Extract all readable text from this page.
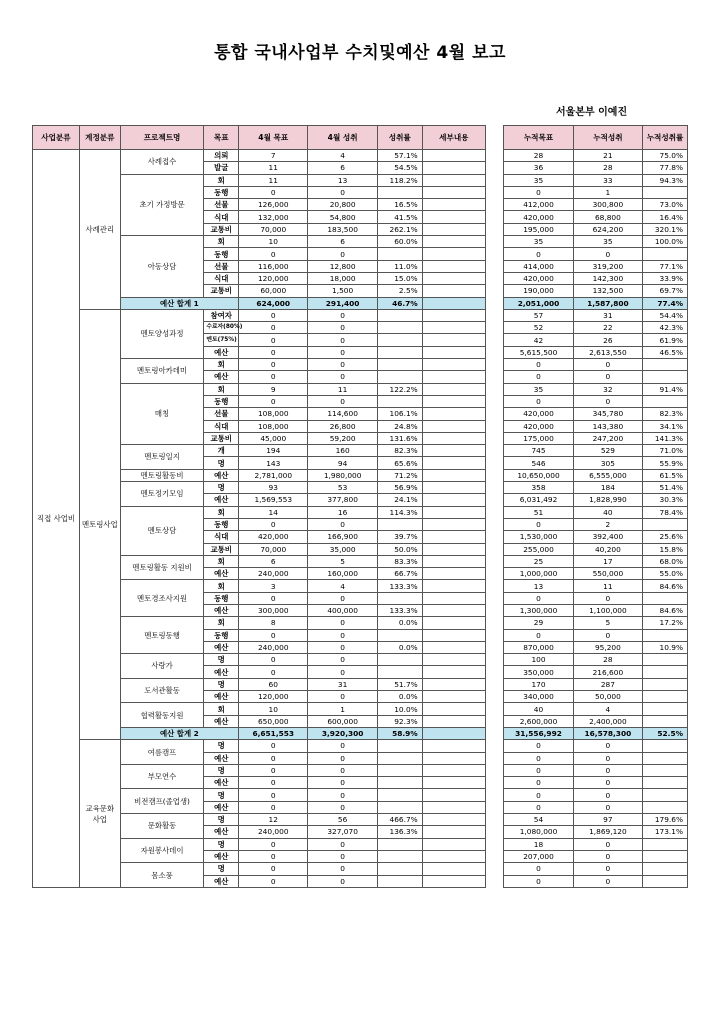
통합 국내사업부 수치및예산 4월 보고
서울본부 이예진
사업분류	계정분류	프로젝트명	목표	4월 목표	4월 성취	성취률	세부내용		누적목표	누적성취	누적성취률
직접 사업비	사례관리	사례접수	의뢰	7	4	57.1%			28	21	75.0%
			발굴	11	6	54.5%			36	28	77.8%
		초기 가정방문	회	11	13	118.2%			35	33	94.3%
			동행	0	0				0	1	
			선물	126,000	20,800	16.5%			412,000	300,800	73.0%
			식대	132,000	54,800	41.5%			420,000	68,800	16.4%
			교통비	70,000	183,500	262.1%			195,000	624,200	320.1%
		아동상담	회	10	6	60.0%			35	35	100.0%
			동행	0	0				0	0	
			선물	116,000	12,800	11.0%			414,000	319,200	77.1%
			식대	120,000	18,000	15.0%			420,000	142,300	33.9%
			교통비	60,000	1,500	2.5%			190,000	132,500	69.7%
		예산 합계 1		624,000	291,400	46.7%			2,051,000	1,587,800	77.4%
	멘토링사업	멘토양성과정	참여자	0	0				57	31	54.4%
			수료자(80%)	0	0				52	22	42.3%
			멘토(75%)	0	0				42	26	61.9%
			예산	0	0				5,615,500	2,613,550	46.5%
		멘토링아카데미	회	0	0				0	0	
			예산	0	0				0	0	
		매칭	회	9	11	122.2%			35	32	91.4%
			동행	0	0				0	0	
			선물	108,000	114,600	106.1%			420,000	345,780	82.3%
			식대	108,000	26,800	24.8%			420,000	143,380	34.1%
			교통비	45,000	59,200	131.6%			175,000	247,200	141.3%
		멘토링일지	개	194	160	82.3%			745	529	71.0%
			명	143	94	65.6%			546	305	55.9%
		멘토링활동비	예산	2,781,000	1,980,000	71.2%			10,650,000	6,555,000	61.5%
		멘토정기모임	명	93	53	56.9%			358	184	51.4%
			예산	1,569,553	377,800	24.1%			6,031,492	1,828,990	30.3%
		멘토상담	회	14	16	114.3%			51	40	78.4%
			동행	0	0				0	2	
			식대	420,000	166,900	39.7%			1,530,000	392,400	25.6%
			교통비	70,000	35,000	50.0%			255,000	40,200	15.8%
		멘토링활동 지원비	회	6	5	83.3%			25	17	68.0%
			예산	240,000	160,000	66.7%			1,000,000	550,000	55.0%
		멘토경조사지원	회	3	4	133.3%			13	11	84.6%
			동행	0	0				0	0	
			예산	300,000	400,000	133.3%			1,300,000	1,100,000	84.6%
		멘토링동행	회	8	0	0.0%			29	5	17.2%
			동행	0	0				0	0	
			예산	240,000	0	0.0%			870,000	95,200	10.9%
		사랑가	명	0	0				100	28	
			예산	0	0				350,000	216,600	
		도서관활동	명	60	31	51.7%			170	287	
			예산	120,000	0	0.0%			340,000	50,000	
		협력활동지원	회	10	1	10.0%			40	4	
			예산	650,000	600,000	92.3%			2,600,000	2,400,000	
		예산 합계 2		6,651,553	3,920,300	58.9%			31,556,992	16,578,300	52.5%
	교육문화 사업	여름캠프	명	0	0				0	0	
			예산	0	0				0	0	
		부모연수	명	0	0				0	0	
			예산	0	0				0	0	
		비전캠프(졸업생)	명	0	0				0	0	
			예산	0	0				0	0	
		문화활동	명	12	56	466.7%			54	97	179.6%
			예산	240,000	327,070	136.3%			1,080,000	1,869,120	173.1%
		자원봉사데이	명	0	0				18	0	
			예산	0	0				207,000	0	
		몸소풍	명	0	0				0	0	
			예산	0	0				0	0	
